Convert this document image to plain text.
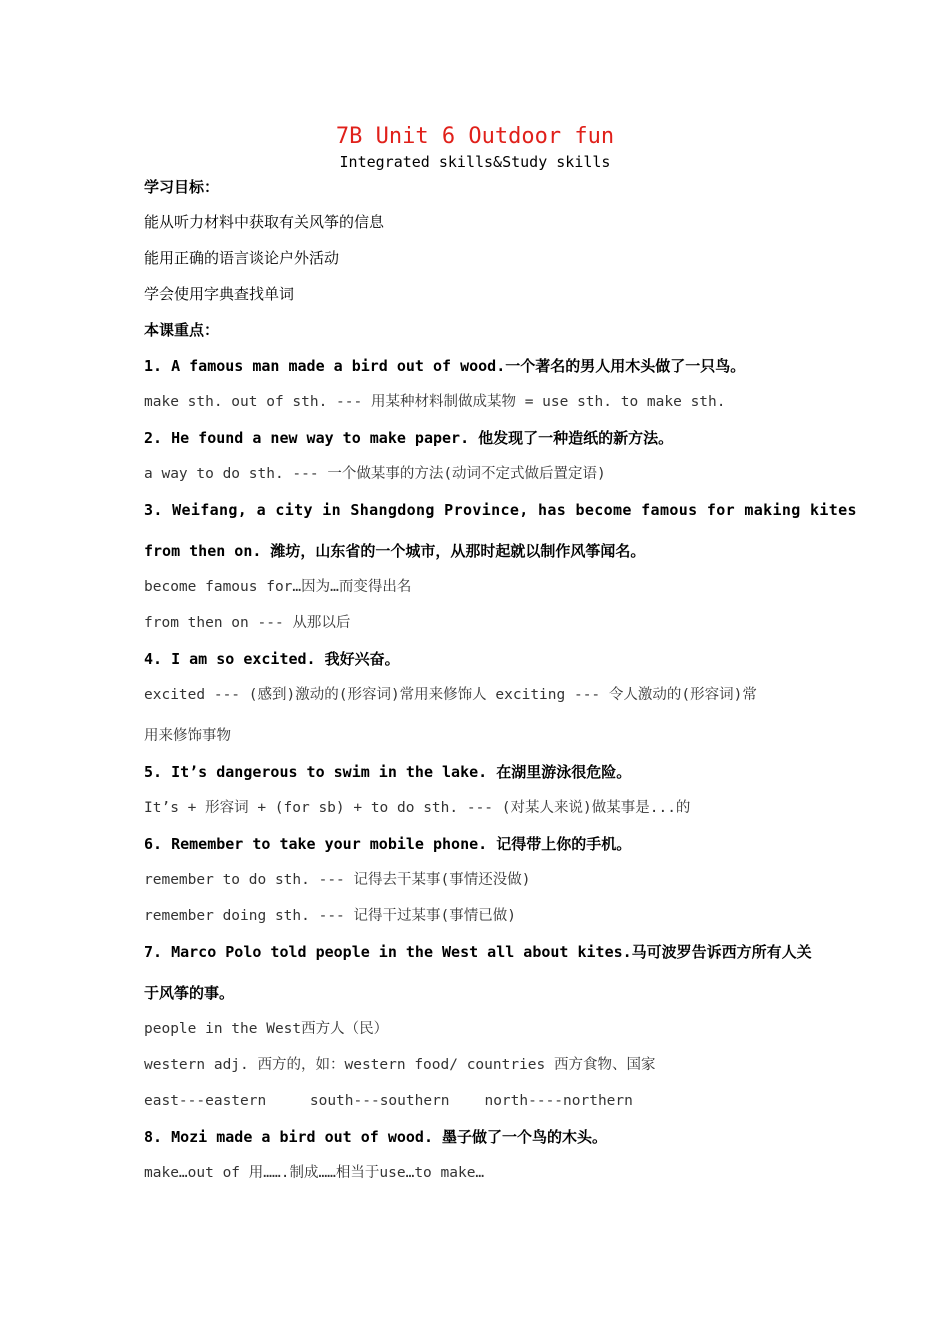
7B Unit 6 Outdoor fun
Integrated skills&Study skills
学习目标：
能从听力材料中获取有关风筝的信息
能用正确的语言谈论户外活动
学会使用字典查找单词
本课重点：
1. A famous man made a bird out of wood.一个著名的男人用木头做了一只鸟。
make sth. out of sth. --- 用某种材料制做成某物 = use sth. to make sth.
2. He found a new way to make paper. 他发现了一种造纸的新方法。
a way to do sth. --- 一个做某事的方法(动词不定式做后置定语)
3. Weifang, a city in Shangdong Province, has become famous for making kites
from then on. 潍坊，山东省的一个城市，从那时起就以制作风筝闻名。
become famous for…因为…而变得出名
from then on --- 从那以后
4. I am so excited. 我好兴奋。
excited --- (感到)激动的(形容词)常用来修饰人 exciting --- 令人激动的(形容词)常
用来修饰事物
5. It’s dangerous to swim in the lake. 在湖里游泳很危险。
It’s + 形容词 + (for sb) + to do sth. --- (对某人来说)做某事是...的
6. Remember to take your mobile phone. 记得带上你的手机。
remember to do sth. --- 记得去干某事(事情还没做)
remember doing sth. --- 记得干过某事(事情已做)
7. Marco Polo told people in the West all about kites.马可波罗告诉西方所有人关
于风筝的事。
people in the West西方人（民）
western adj. 西方的，如：western food/ countries 西方食物、国家
east---eastern     south---southern    north----northern
8. Mozi made a bird out of wood. 墨子做了一个鸟的木头。
make…out of 用…….制成……相当于use…to make…
